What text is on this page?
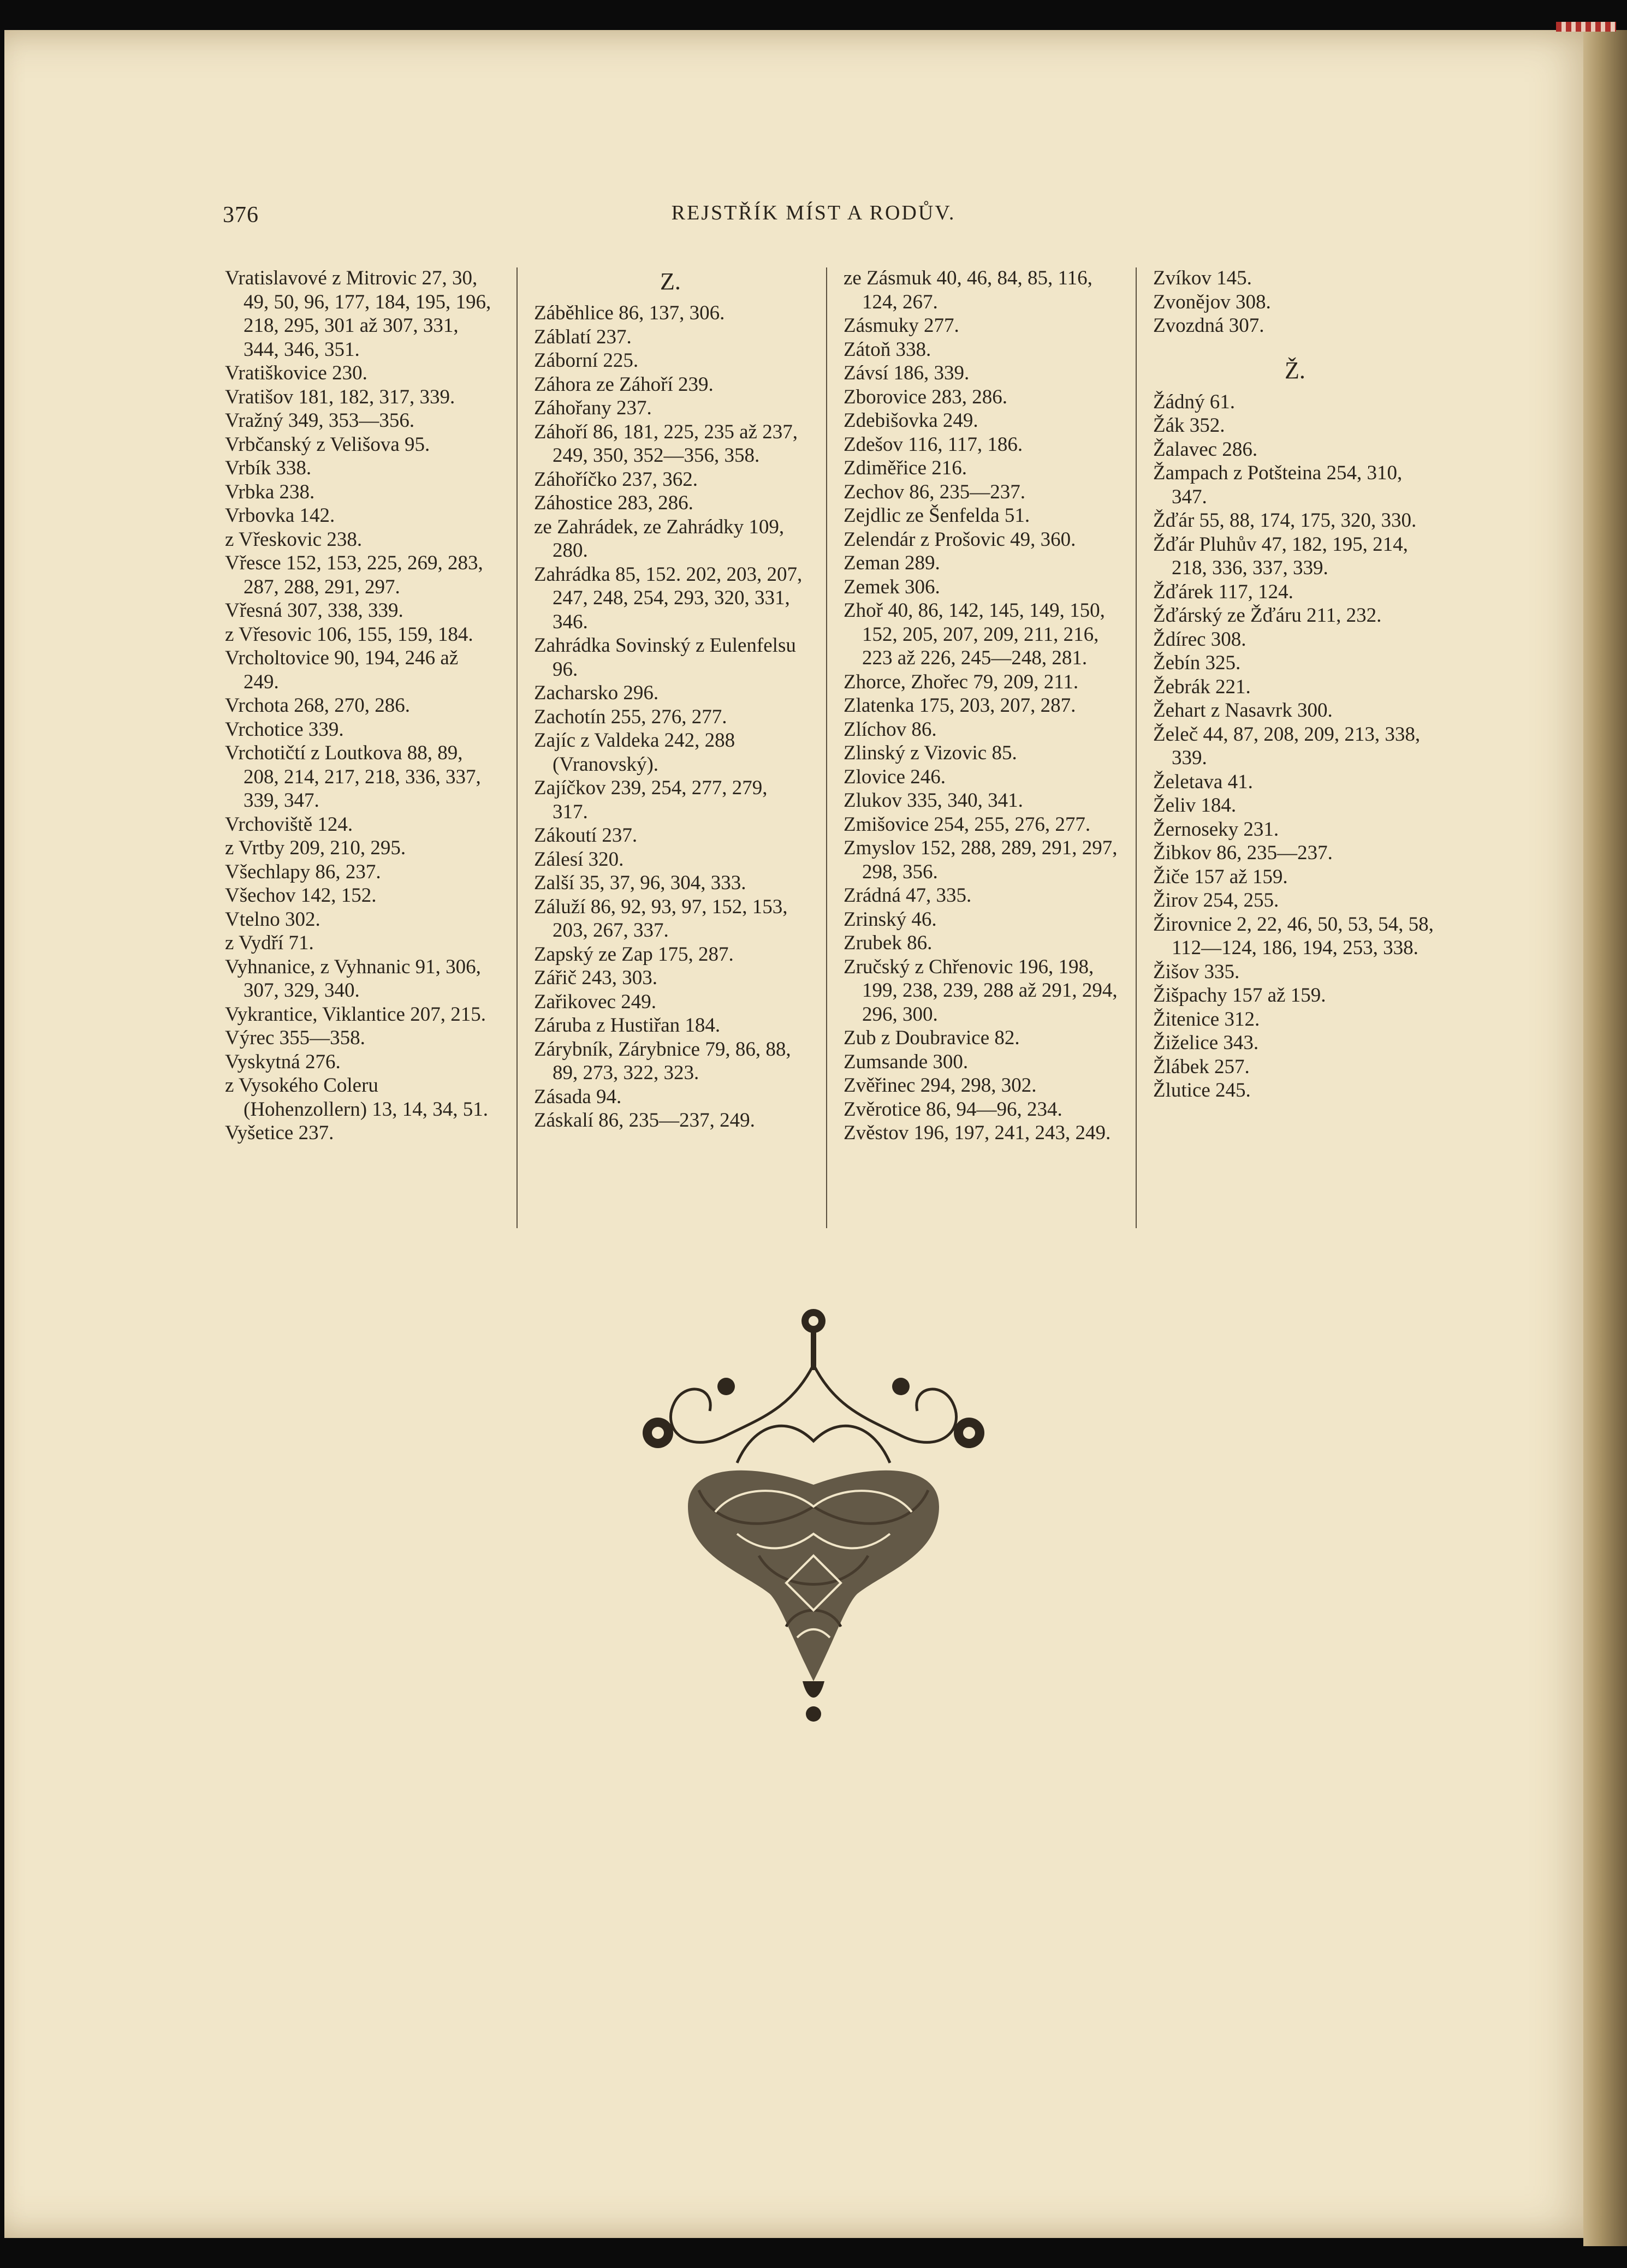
376	REJSTŘÍK MÍST A RODŮV.
Vratislavové z Mitrovic 27, 30, 49, 50, 96, 177, 184, 195, 196, 218, 295, 301 až 307, 331, 344, 346, 351.
Vratiškovice 230.
Vratišov 181, 182, 317, 339.
Vražný 349, 353—356.
Vrbčanský z Velišova 95.
Vrbík 338.
Vrbka 238.
Vrbovka 142.
z Vřeskovic 238.
Vřesce 152, 153, 225, 269, 283, 287, 288, 291, 297.
Vřesná 307, 338, 339.
z Vřesovic 106, 155, 159, 184.
Vrcholtovice 90, 194, 246 až 249.
Vrchota 268, 270, 286.
Vrchotice 339.
Vrchotičtí z Loutkova 88, 89, 208, 214, 217, 218, 336, 337, 339, 347.
Vrchoviště 124.
z Vrtby 209, 210, 295.
Všechlapy 86, 237.
Všechov 142, 152.
Vtelno 302.
z Vydří 71.
Vyhnanice, z Vyhnanic 91, 306, 307, 329, 340.
Vykrantice, Viklantice 207, 215.
Výrec 355—358.
Vyskytná 276.
z Vysokého Coleru (Hohenzollern) 13, 14, 34, 51.
Vyšetice 237.
Z.
Záběhlice 86, 137, 306.
Záblatí 237.
Záborní 225.
Záhora ze Záhoří 239.
Záhořany 237.
Záhoří 86, 181, 225, 235 až 237, 249, 350, 352—356, 358.
Záhoříčko 237, 362.
Záhostice 283, 286.
ze Zahrádek, ze Zahrádky 109, 280.
Zahrádka 85, 152. 202, 203, 207, 247, 248, 254, 293, 320, 331, 346.
Zahrádka Sovinský z Eulenfelsu 96.
Zacharsko 296.
Zachotín 255, 276, 277.
Zajíc z Valdeka 242, 288 (Vranovský).
Zajíčkov 239, 254, 277, 279, 317.
Zákoutí 237.
Zálesí 320.
Zalší 35, 37, 96, 304, 333.
Záluží 86, 92, 93, 97, 152, 153, 203, 267, 337.
Zapský ze Zap 175, 287.
Zářič 243, 303.
Zařikovec 249.
Záruba z Hustiřan 184.
Zárybník, Zárybnice 79, 86, 88, 89, 273, 322, 323.
Zásada 94.
Záskalí 86, 235—237, 249.
ze Zásmuk 40, 46, 84, 85, 116, 124, 267.
Zásmuky 277.
Zátoň 338.
Závsí 186, 339.
Zborovice 283, 286.
Zdebišovka 249.
Zdešov 116, 117, 186.
Zdiměřice 216.
Zechov 86, 235—237.
Zejdlic ze Šenfelda 51.
Zelendár z Prošovic 49, 360.
Zeman 289.
Zemek 306.
Zhoř 40, 86, 142, 145, 149, 150, 152, 205, 207, 209, 211, 216, 223 až 226, 245—248, 281.
Zhorce, Zhořec 79, 209, 211.
Zlatenka 175, 203, 207, 287.
Zlíchov 86.
Zlinský z Vizovic 85.
Zlovice 246.
Zlukov 335, 340, 341.
Zmišovice 254, 255, 276, 277.
Zmyslov 152, 288, 289, 291, 297, 298, 356.
Zrádná 47, 335.
Zrinský 46.
Zrubek 86.
Zručský z Chřenovic 196, 198, 199, 238, 239, 288 až 291, 294, 296, 300.
Zub z Doubravice 82.
Zumsande 300.
Zvěřinec 294, 298, 302.
Zvěrotice 86, 94—96, 234.
Zvěstov 196, 197, 241, 243, 249.
Zvíkov 145.
Zvonějov 308.
Zvozdná 307.
Ž.
Žádný 61.
Žák 352.
Žalavec 286.
Žampach z Potšteina 254, 310, 347.
Žďár 55, 88, 174, 175, 320, 330.
Žďár Pluhův 47, 182, 195, 214, 218, 336, 337, 339.
Žďárek 117, 124.
Žďárský ze Žďáru 211, 232.
Ždírec 308.
Žebín 325.
Žebrák 221.
Žehart z Nasavrk 300.
Želeč 44, 87, 208, 209, 213, 338, 339.
Želetava 41.
Želiv 184.
Žernoseky 231.
Žibkov 86, 235—237.
Žiče 157 až 159.
Žirov 254, 255.
Žirovnice 2, 22, 46, 50, 53, 54, 58, 112—124, 186, 194, 253, 338.
Žišov 335.
Žišpachy 157 až 159.
Žitenice 312.
Žiželice 343.
Žlábek 257.
Žlutice 245.
